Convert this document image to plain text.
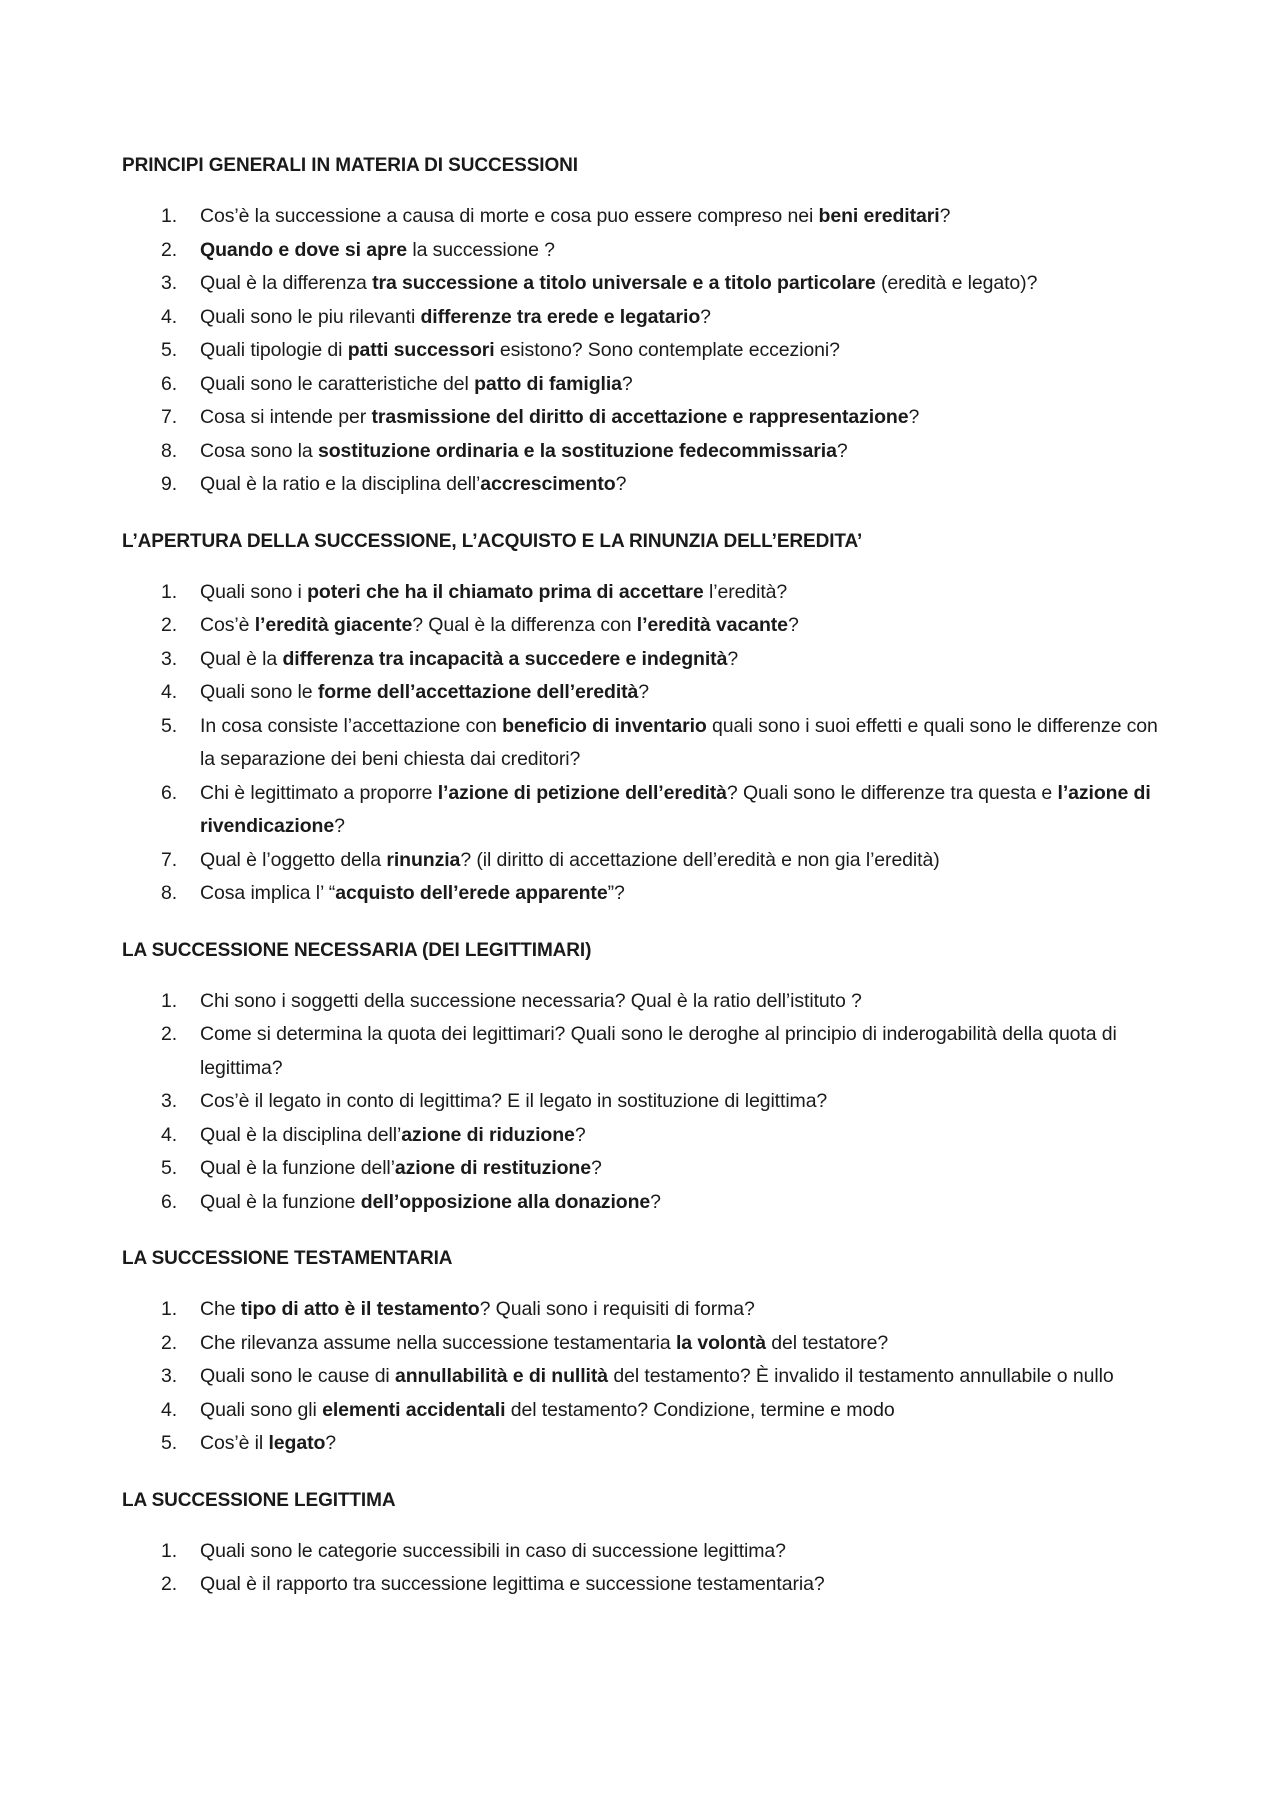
PRINCIPI GENERALI IN MATERIA DI SUCCESSIONI
1. Cos’è la successione a causa di morte e cosa puo essere compreso nei beni ereditari?
2. Quando e dove si apre la successione ?
3. Qual è la differenza tra successione a titolo universale e a titolo particolare (eredità e legato)?
4. Quali sono le piu rilevanti differenze tra erede e legatario?
5. Quali tipologie di patti successori esistono? Sono contemplate eccezioni?
6. Quali sono le caratteristiche del patto di famiglia?
7. Cosa si intende per trasmissione del diritto di accettazione e rappresentazione?
8. Cosa sono la sostituzione ordinaria e la sostituzione fedecommissaria?
9. Qual è la ratio e la disciplina dell’accrescimento?
L’APERTURA DELLA SUCCESSIONE, L’ACQUISTO E LA RINUNZIA DELL’EREDITA’
1. Quali sono i poteri che ha il chiamato prima di accettare l’eredità?
2. Cos’è l’eredità giacente? Qual è la differenza con l’eredità vacante?
3. Qual è la differenza tra incapacità a succedere e indegnità?
4. Quali sono le forme dell’accettazione dell’eredità?
5. In cosa consiste l’accettazione con beneficio di inventario quali sono i suoi effetti e quali sono le differenze con la separazione dei beni chiesta dai creditori?
6. Chi è legittimato a proporre l’azione di petizione dell’eredità? Quali sono le differenze tra questa e l’azione di rivendicazione?
7. Qual è l’oggetto della rinunzia? (il diritto di accettazione dell’eredità e non gia l’eredità)
8. Cosa implica l’ “acquisto dell’erede apparente”?
LA SUCCESSIONE NECESSARIA (DEI LEGITTIMARI)
1. Chi sono i soggetti della successione necessaria? Qual è la ratio dell’istituto ?
2. Come si determina la quota dei legittimari? Quali sono le deroghe al principio di inderogabilità della quota di legittima?
3. Cos’è il legato in conto di legittima? E il legato in sostituzione di legittima?
4. Qual è la disciplina dell’azione di riduzione?
5. Qual è la funzione dell’azione di restituzione?
6. Qual è la funzione dell’opposizione alla donazione?
LA SUCCESSIONE TESTAMENTARIA
1. Che tipo di atto è il testamento? Quali sono i requisiti di forma?
2. Che rilevanza assume nella successione testamentaria la volontà del testatore?
3. Quali sono le cause di annullabilità e di nullità del testamento? È invalido il testamento annullabile o nullo
4. Quali sono gli elementi accidentali del testamento? Condizione, termine e modo
5. Cos’è il legato?
LA SUCCESSIONE LEGITTIMA
1. Quali sono le categorie successibili in caso di successione legittima?
2. Qual è il rapporto tra successione legittima e successione testamentaria?
